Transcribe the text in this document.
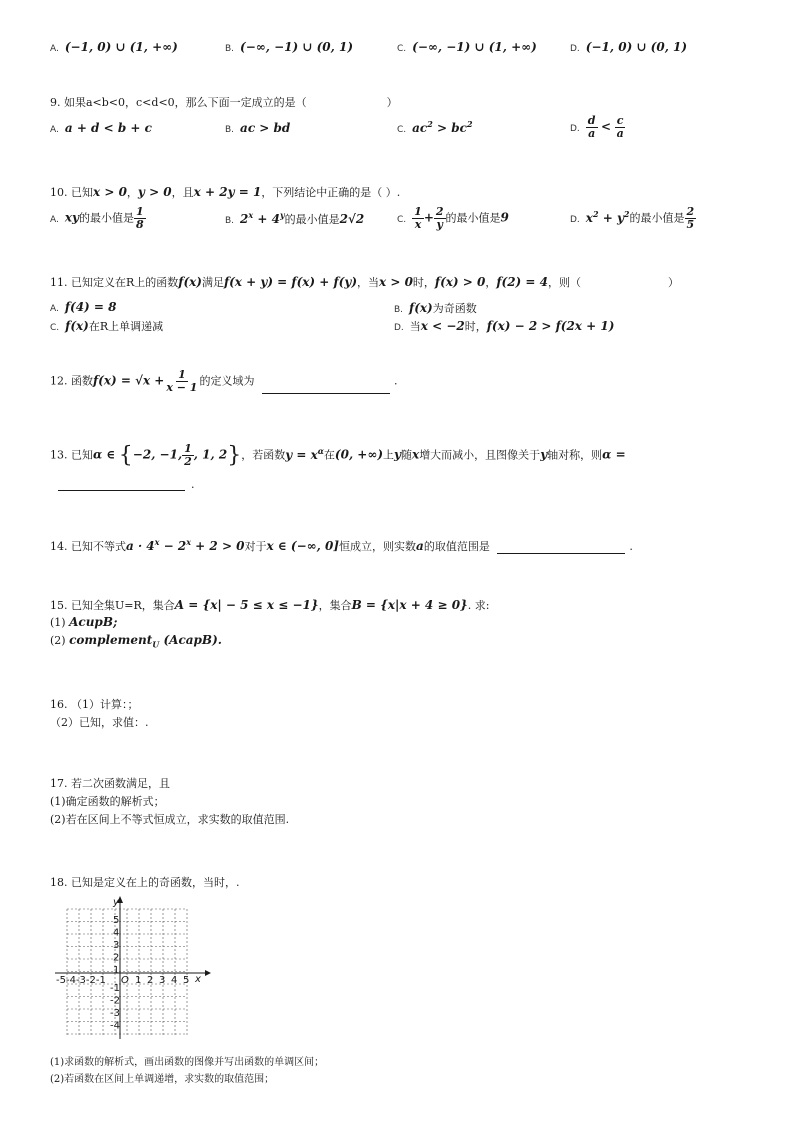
A. (−1, 0) ∪ (1, +∞)	B. (−∞, −1) ∪ (0, 1)	C. (−∞, −1) ∪ (1, +∞)	D. (−1, 0) ∪ (0, 1)
9. 如果a<b<0，c<d<0，那么下面一定成立的是（	）
A. a + d < b + c	B. ac > bd	C. $ac^2 > bc^2$	D. $\frac{d}{a} < \frac{c}{a}$
10. 已知x > 0，y > 0，且x + 2y = 1，下列结论中正确的是（ ）.
A. xy的最小值是 $\frac{1}{8}$	B. $2^x + 4^y$的最小值是2√2	C. $\frac{1}{x} + \frac{2}{y}$ 的最小值是9	D. $x^2 + y^2$的最小值是 $\frac{2}{5}$
11. 已知定义在R上的函数f(x)满足f(x + y) = f(x) + f(y)，当x > 0时，f(x) > 0，f(2) = 4，则（	）
A. f(4) = 8	B. f(x)为奇函数
C. f(x)在R上单调递减	D. 当x < −2时，f(x) − 2 > f(2x + 1)
12. 函数$f(x) = √x + \frac{1}{x - 1}$ 的定义域为	.
13. 已知α ∈ {−2, −1, $\frac{1}{2}$ , 1, 2}，若函数$y = x^\alpha$在(0, +∞)上y随x增大而减小，且图像关于y轴对称，则α =
.
14. 已知不等式$a \cdot 4^x - 2^x + 2 > 0$对于x ∈ (−∞, 0]恒成立，则实数a的取值范围是	.
15. 已知全集U=R，集合A = {x| − 5 ≤ x ≤ −1}，集合B = {x|x + 4 ≥ 0}. 求:
(1) AcupB;
(2) complement$_U$ (AcapB).
16. （1）计算：；
（2）已知，求值：.
17. 若二次函数满足，且
(1)确定函数的解析式；
(2)若在区间上不等式恒成立，求实数的取值范围.
18. 已知是定义在上的奇函数，当时，.
y
x
O
-5-4-3-2-1	1 2 3 4 5
5
4
3
2
1
-1
-2
-3
-4
(1)求函数的解析式，画出函数的图像并写出函数的单调区间；
(2)若函数在区间上单调递增，求实数的取值范围；
